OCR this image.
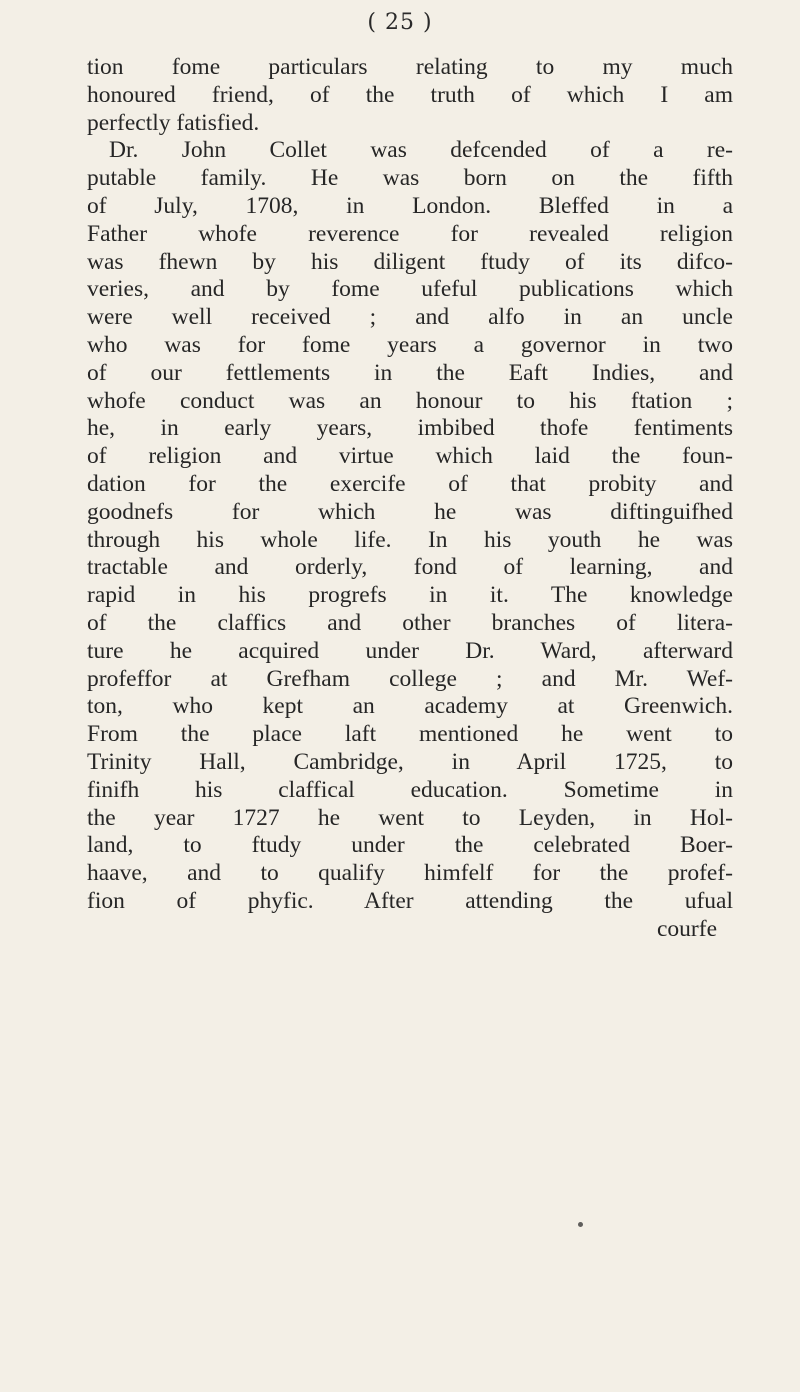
( 25 )
tion fome particulars relating to my much
honoured friend, of the truth of which I am
perfectly fatisfied.
Dr. John Collet was defcended of a re-
putable family. He was born on the fifth
of July, 1708, in London. Bleffed in a
Father whofe reverence for revealed religion
was fhewn by his diligent ftudy of its difco-
veries, and by fome ufeful publications which
were well received ; and alfo in an uncle
who was for fome years a governor in two
of our fettlements in the Eaft Indies, and
whofe conduct was an honour to his ftation ;
he, in early years, imbibed thofe fentiments
of religion and virtue which laid the foun-
dation for the exercife of that probity and
goodnefs for which he was diftinguifhed
through his whole life. In his youth he was
tractable and orderly, fond of learning, and
rapid in his progrefs in it. The knowledge
of the claffics and other branches of litera-
ture he acquired under Dr. Ward, afterward
profeffor at Grefham college ; and Mr. Wef-
ton, who kept an academy at Greenwich.
From the place laft mentioned he went to
Trinity Hall, Cambridge, in April 1725, to
finifh his claffical education. Sometime in
the year 1727 he went to Leyden, in Hol-
land, to ftudy under the celebrated Boer-
haave, and to qualify himfelf for the profef-
fion of phyfic. After attending the ufual
courfe
